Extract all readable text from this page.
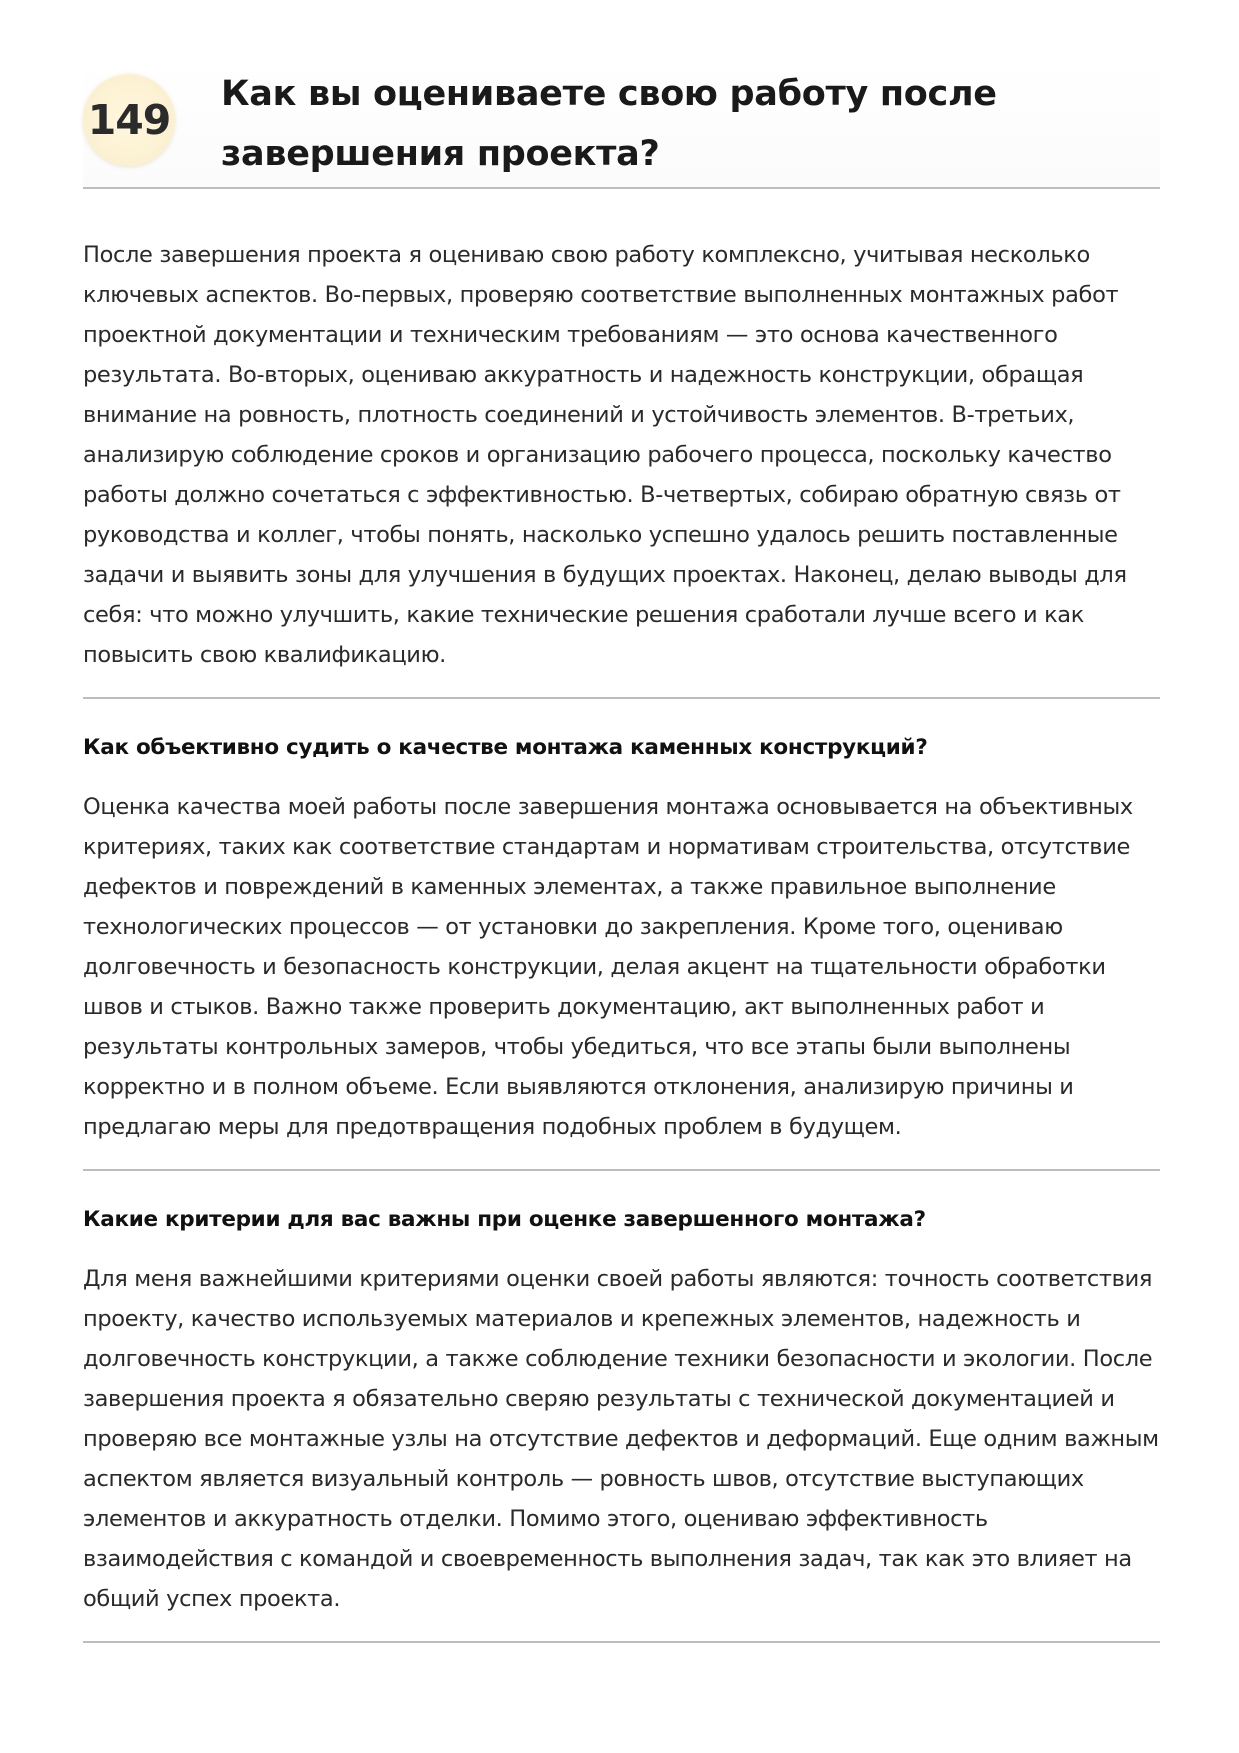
149
Как вы оцениваете свою работу после завершения проекта?

После завершения проекта я оцениваю свою работу комплексно, учитывая несколько ключевых аспектов. Во-первых, проверяю соответствие выполненных монтажных работ проектной документации и техническим требованиям — это основа качественного результата. Во-вторых, оцениваю аккуратность и надежность конструкции, обращая внимание на ровность, плотность соединений и устойчивость элементов. В-третьих, анализирую соблюдение сроков и организацию рабочего процесса, поскольку качество работы должно сочетаться с эффективностью. В-четвертых, собираю обратную связь от руководства и коллег, чтобы понять, насколько успешно удалось решить поставленные задачи и выявить зоны для улучшения в будущих проектах. Наконец, делаю выводы для себя: что можно улучшить, какие технические решения сработали лучше всего и как повысить свою квалификацию.

Как объективно судить о качестве монтажа каменных конструкций?

Оценка качества моей работы после завершения монтажа основывается на объективных критериях, таких как соответствие стандартам и нормативам строительства, отсутствие дефектов и повреждений в каменных элементах, а также правильное выполнение технологических процессов — от установки до закрепления. Кроме того, оцениваю долговечность и безопасность конструкции, делая акцент на тщательности обработки швов и стыков. Важно также проверить документацию, акт выполненных работ и результаты контрольных замеров, чтобы убедиться, что все этапы были выполнены корректно и в полном объеме. Если выявляются отклонения, анализирую причины и предлагаю меры для предотвращения подобных проблем в будущем.

Какие критерии для вас важны при оценке завершенного монтажа?

Для меня важнейшими критериями оценки своей работы являются: точность соответствия проекту, качество используемых материалов и крепежных элементов, надежность и долговечность конструкции, а также соблюдение техники безопасности и экологии. После завершения проекта я обязательно сверяю результаты с технической документацией и проверяю все монтажные узлы на отсутствие дефектов и деформаций. Еще одним важным аспектом является визуальный контроль — ровность швов, отсутствие выступающих элементов и аккуратность отделки. Помимо этого, оцениваю эффективность взаимодействия с командой и своевременность выполнения задач, так как это влияет на общий успех проекта.
